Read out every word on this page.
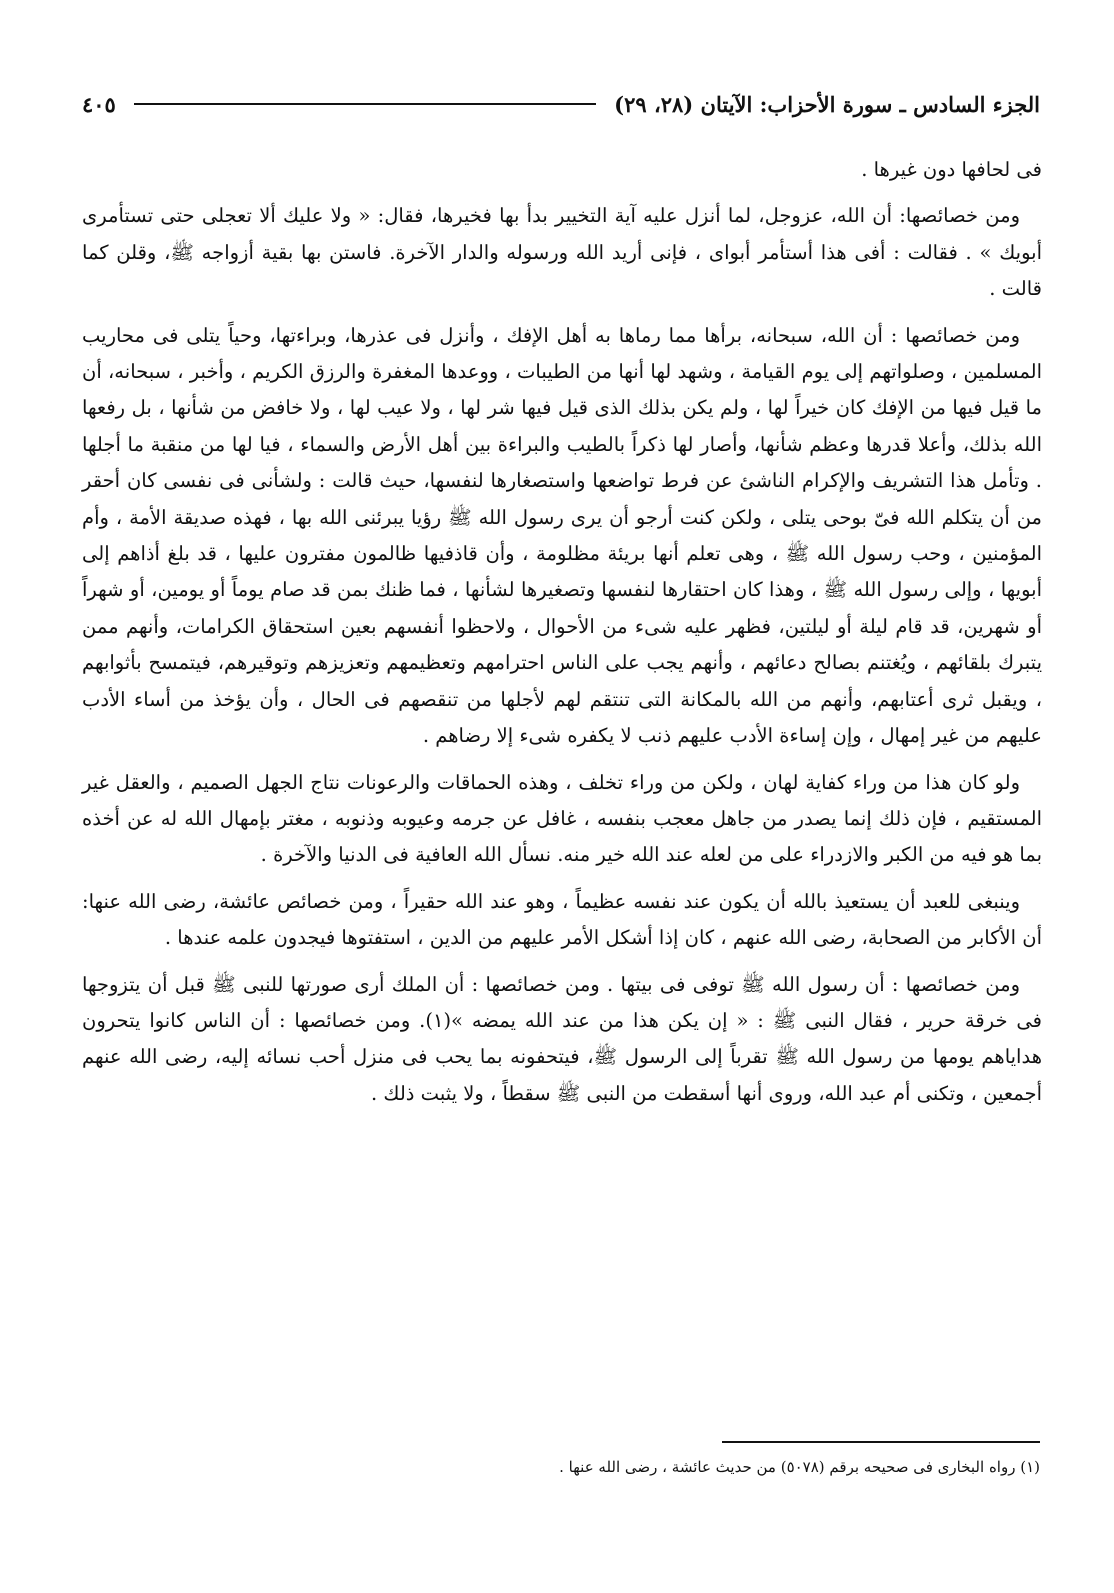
الجزء السادس ـ سورة الأحزاب: الآيتان (٢٨، ٢٩)
٤٠٥

فى لحافها دون غيرها .

ومن خصائصها: أن الله، عزوجل، لما أنزل عليه آية التخيير بدأ بها فخيرها، فقال: « ولا عليك ألا تعجلى حتى تستأمرى أبويك » . فقالت : أفى هذا أستأمر أبواى ، فإنى أريد الله ورسوله والدار الآخرة. فاستن بها بقية أزواجه ﷺ، وقلن كما قالت .

ومن خصائصها : أن الله، سبحانه، برأها مما رماها به أهل الإفك ، وأنزل فى عذرها، وبراءتها، وحياً يتلى فى محاريب المسلمين ، وصلواتهم إلى يوم القيامة ، وشهد لها أنها من الطيبات ، ووعدها المغفرة والرزق الكريم ، وأخبر ، سبحانه، أن ما قيل فيها من الإفك كان خيراً لها ، ولم يكن بذلك الذى قيل فيها شر لها ، ولا عيب لها ، ولا خافض من شأنها ، بل رفعها الله بذلك، وأعلا قدرها وعظم شأنها، وأصار لها ذكراً بالطيب والبراءة بين أهل الأرض والسماء ، فيا لها من منقبة ما أجلها . وتأمل هذا التشريف والإكرام الناشئ عن فرط تواضعها واستصغارها لنفسها، حيث قالت : ولشأنى فى نفسى كان أحقر من أن يتكلم الله فىّ بوحى يتلى ، ولكن كنت أرجو أن يرى رسول الله ﷺ رؤيا يبرئنى الله بها ، فهذه صديقة الأمة ، وأم المؤمنين ، وحب رسول الله ﷺ ، وهى تعلم أنها بريئة مظلومة ، وأن قاذفيها ظالمون مفترون عليها ، قد بلغ أذاهم إلى أبويها ، وإلى رسول الله ﷺ ، وهذا كان احتقارها لنفسها وتصغيرها لشأنها ، فما ظنك بمن قد صام يوماً أو يومين، أو شهراً أو شهرين، قد قام ليلة أو ليلتين، فظهر عليه شىء من الأحوال ، ولاحظوا أنفسهم بعين استحقاق الكرامات، وأنهم ممن يتبرك بلقائهم ، ويُغتنم بصالح دعائهم ، وأنهم يجب على الناس احترامهم وتعظيمهم وتعزيزهم وتوقيرهم، فيتمسح بأثوابهم ، ويقبل ثرى أعتابهم، وأنهم من الله بالمكانة التى تنتقم لهم لأجلها من تنقصهم فى الحال ، وأن يؤخذ من أساء الأدب عليهم من غير إمهال ، وإن إساءة الأدب عليهم ذنب لا يكفره شىء إلا رضاهم .

ولو كان هذا من وراء كفاية لهان ، ولكن من وراء تخلف ، وهذه الحماقات والرعونات نتاج الجهل الصميم ، والعقل غير المستقيم ، فإن ذلك إنما يصدر من جاهل معجب بنفسه ، غافل عن جرمه وعيوبه وذنوبه ، مغتر بإمهال الله له عن أخذه بما هو فيه من الكبر والازدراء على من لعله عند الله خير منه. نسأل الله العافية فى الدنيا والآخرة .

وينبغى للعبد أن يستعيذ بالله أن يكون عند نفسه عظيماً ، وهو عند الله حقيراً ، ومن خصائص عائشة، رضى الله عنها: أن الأكابر من الصحابة، رضى الله عنهم ، كان إذا أشكل الأمر عليهم من الدين ، استفتوها فيجدون علمه عندها .

ومن خصائصها : أن رسول الله ﷺ توفى فى بيتها . ومن خصائصها : أن الملك أرى صورتها للنبى ﷺ قبل أن يتزوجها فى خرقة حرير ، فقال النبى ﷺ : « إن يكن هذا من عند الله يمضه »(١). ومن خصائصها : أن الناس كانوا يتحرون هداياهم يومها من رسول الله ﷺ تقرباً إلى الرسول ﷺ، فيتحفونه بما يحب فى منزل أحب نسائه إليه، رضى الله عنهم أجمعين ، وتكنى أم عبد الله، وروى أنها أسقطت من النبى ﷺ سقطاً ، ولا يثبت ذلك .

(١) رواه البخارى فى صحيحه برقم (٥٠٧٨) من حديث عائشة ، رضى الله عنها .
